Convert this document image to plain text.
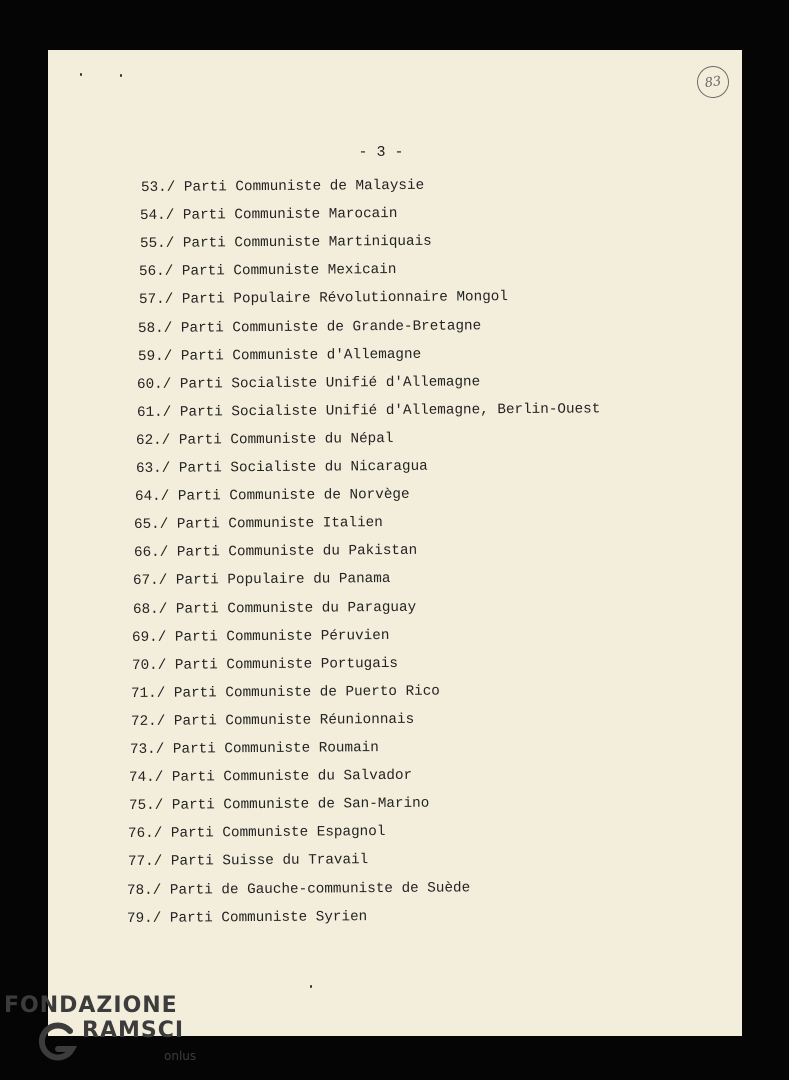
83
- 3 -
53./ Parti Communiste de Malaysie
54./ Parti Communiste Marocain
55./ Parti Communiste Martiniquais
56./ Parti Communiste Mexicain
57./ Parti Populaire Révolutionnaire Mongol
58./ Parti Communiste de Grande-Bretagne
59./ Parti Communiste d'Allemagne
60./ Parti Socialiste Unifié d'Allemagne
61./ Parti Socialiste Unifié d'Allemagne, Berlin-Ouest
62./ Parti Communiste du Népal
63./ Parti Socialiste du Nicaragua
64./ Parti Communiste de Norvège
65./ Parti Communiste Italien
66./ Parti Communiste du Pakistan
67./ Parti Populaire du Panama
68./ Parti Communiste du Paraguay
69./ Parti Communiste Péruvien
70./ Parti Communiste Portugais
71./ Parti Communiste de Puerto Rico
72./ Parti Communiste Réunionnais
73./ Parti Communiste Roumain
74./ Parti Communiste du Salvador
75./ Parti Communiste de San-Marino
76./ Parti Communiste Espagnol
77./ Parti Suisse du Travail
78./ Parti de Gauche-communiste de Suède
79./ Parti Communiste Syrien
FONDAZIONE
RAMSCI
onlus
